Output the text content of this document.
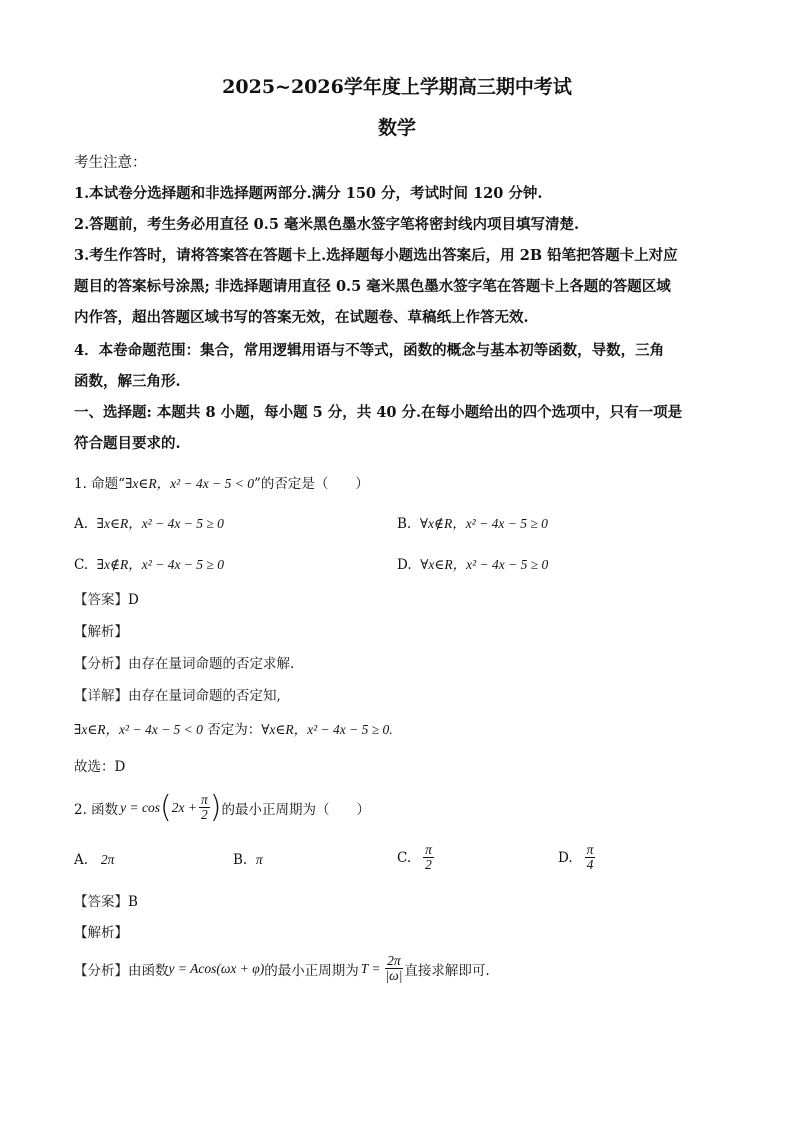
2025~2026学年度上学期高三期中考试
数学
考生注意：
1.本试卷分选择题和非选择题两部分.满分 150 分，考试时间 120 分钟.
2.答题前，考生务必用直径 0.5 毫米黑色墨水签字笔将密封线内项目填写清楚.
3.考生作答时，请将答案答在答题卡上.选择题每小题选出答案后，用 2B 铅笔把答题卡上对应
题目的答案标号涂黑; 非选择题请用直径 0.5 毫米黑色墨水签字笔在答题卡上各题的答题区域
内作答，超出答题区域书写的答案无效，在试题卷、草稿纸上作答无效.
4．本卷命题范围：集合，常用逻辑用语与不等式，函数的概念与基本初等函数，导数，三角
函数，解三角形.
一、选择题: 本题共 8 小题，每小题 5 分，共 40 分.在每小题给出的四个选项中，只有一项是
符合题目要求的.
1. 命题“∃x∈R，x² − 4x − 5 < 0”的否定是（　　）
A. ∃x∈R，x² − 4x − 5 ≥ 0	B. ∀x∉R，x² − 4x − 5 ≥ 0
C. ∃x∉R，x² − 4x − 5 ≥ 0	D. ∀x∈R，x² − 4x − 5 ≥ 0
【答案】D
【解析】
【分析】由存在量词命题的否定求解.
【详解】由存在量词命题的否定知,
∃x∈R，x² − 4x − 5 < 0 否定为：∀x∈R，x² − 4x − 5 ≥ 0.
故选：D
2. 函数 y = cos ( $2x + \frac{\pi}{2}$ ) 的最小正周期为（　　）
A. 2π	B. π	C. $\frac{\pi}{2}$	D. $\frac{\pi}{4}$
【答案】B
【解析】
【分析】 由函数 y = Acos(ωx + φ) 的最小正周期为 $T = \frac{2\pi}{|\omega|}$ 直接求解即可.
